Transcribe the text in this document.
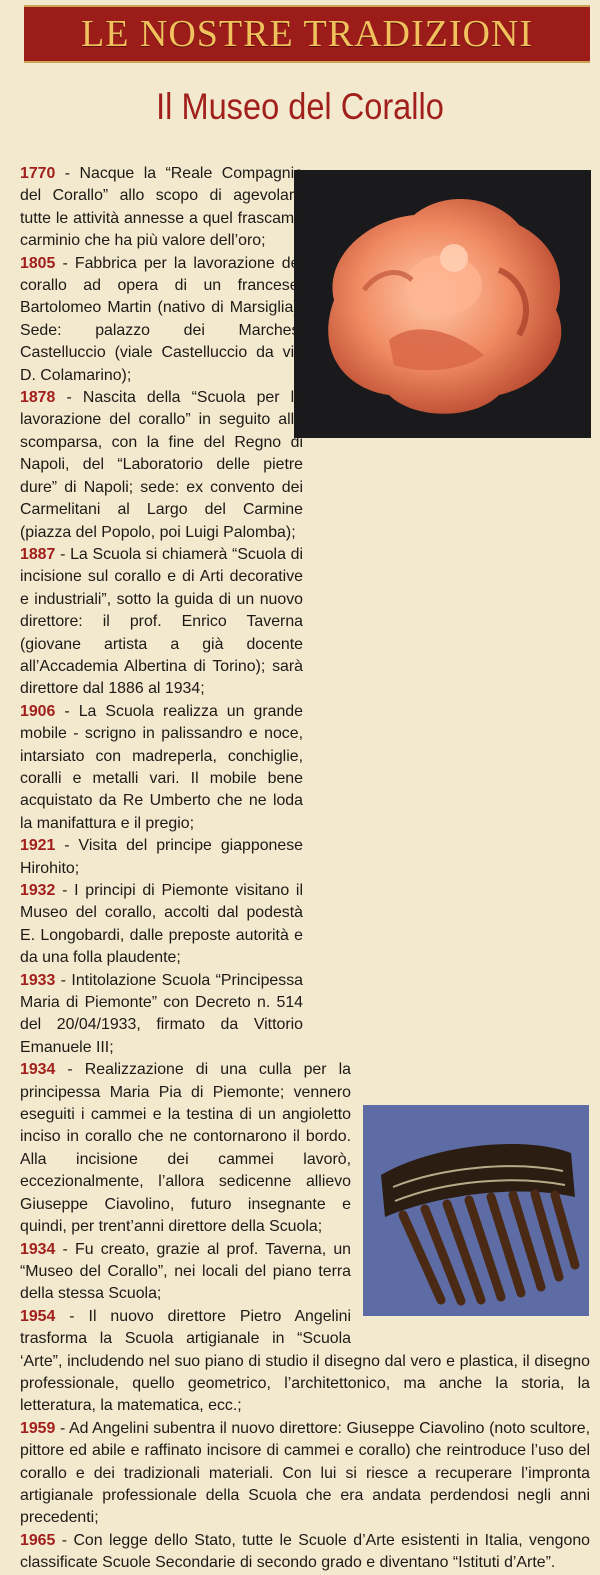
LE NOSTRE TRADIZIONI
Il Museo del Corallo

1770 - Nacque la “Reale Compagnia del Corallo” allo scopo di agevolare tutte le attività annesse a quel frascame carminio che ha più valore dell’oro;

1805 - Fabbrica per la lavorazione del corallo ad opera di un francese: Bartolomeo Martin (nativo di Marsiglia). Sede: palazzo dei Marchesi Castelluccio (viale Castelluccio da via D. Colamarino);

1878 - Nascita della “Scuola per la lavorazione del corallo” in seguito alla scomparsa, con la fine del Regno di Napoli, del “Laboratorio delle pietre dure” di Napoli; sede: ex convento dei Carmelitani al Largo del Carmine (piazza del Popolo, poi Luigi Palomba);

1887 - La Scuola si chiamerà “Scuola di incisione sul corallo e di Arti decorative e industriali”, sotto la guida di un nuovo direttore: il prof. Enrico Taverna (giovane artista a già docente all’Accademia Albertina di Torino); sarà direttore dal 1886 al 1934;

1906 - La Scuola realizza un grande mobile - scrigno in palissandro e noce, intarsiato con madreperla, conchiglie, coralli e metalli vari. Il mobile bene acquistato da Re Umberto che ne loda la manifattura e il pregio;

1921 - Visita del principe giapponese Hirohito;

1932 - I principi di Piemonte visitano il Museo del corallo, accolti dal podestà E. Longobardi, dalle preposte autorità e da una folla plaudente;

1933 - Intitolazione Scuola “Principessa Maria di Piemonte” con Decreto n. 514 del 20/04/1933, firmato da Vittorio Emanuele III;

1934 - Realizzazione di una culla per la principessa Maria Pia di Piemonte; vennero eseguiti i cammei e la testina di un angioletto inciso in corallo che ne contornarono il bordo. Alla incisione dei cammei lavorò, eccezionalmente, l’allora sedicenne allievo Giuseppe Ciavolino, futuro insegnante e quindi, per trent’anni direttore della Scuola;

1934 - Fu creato, grazie al prof. Taverna, un “Museo del Corallo”, nei locali del piano terra della stessa Scuola;

1954 - Il nuovo direttore Pietro Angelini trasforma la Scuola artigianale in “Scuola ‘Arte”, includendo nel suo piano di studio il disegno dal vero e plastica, il disegno professionale, quello geometrico, l’architettonico, ma anche la storia, la letteratura, la matematica, ecc.;

1959 - Ad Angelini subentra il nuovo direttore: Giuseppe Ciavolino (noto scultore, pittore ed abile e raffinato incisore di cammei e corallo) che reintroduce l’uso del corallo e dei tradizionali materiali. Con lui si riesce a recuperare l’impronta artigianale professionale della Scuola che era andata perdendosi negli anni precedenti;

1965 - Con legge dello Stato, tutte le Scuole d’Arte esistenti in Italia, vengono classificate Scuole Secondarie di secondo grado e diventano “Istituti d’Arte”.
